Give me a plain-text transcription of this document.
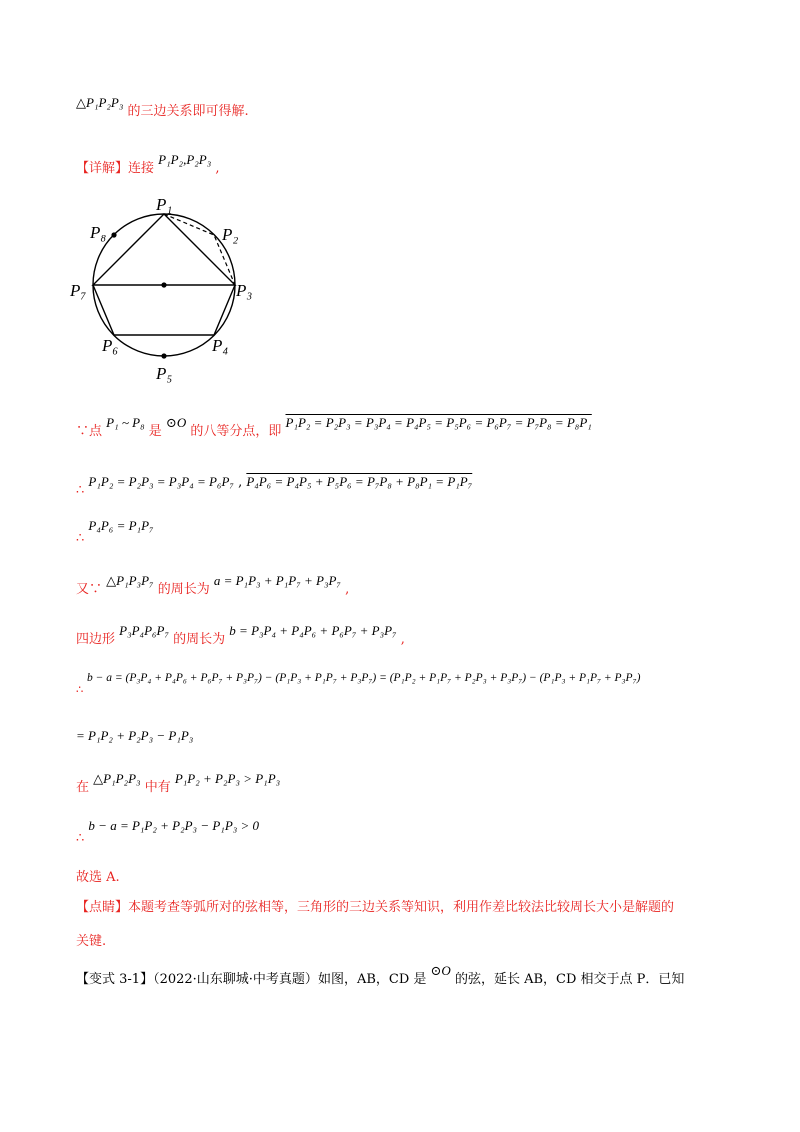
△P₁P₂P₃ 的三边关系即可得解.
【详解】连接 P₁P₂,P₂P₃ ,
P₁
P₂
P₃
P₄
P₅
P₆
P₇
P₈
∵点 P₁ ~ P₈ 是 ⊙O 的八等分点，即 P₁P₂ = P₂P₃ = P₃P₄ = P₄P₅ = P₅P₆ = P₆P₇ = P₇P₈ = P₈P₁
∴ P₁P₂ = P₂P₃ = P₃P₄ = P₆P₇ , P₄P₆ = P₄P₅ + P₅P₆ = P₇P₈ + P₈P₁ = P₁P₇
∴ P₄P₆ = P₁P₇
又∵ △P₁P₃P₇ 的周长为 a = P₁P₃ + P₁P₇ + P₃P₇ ,
四边形 P₃P₄P₆P₇ 的周长为 b = P₃P₄ + P₄P₆ + P₆P₇ + P₃P₇ ,
∴ b − a = (P₃P₄ + P₄P₆ + P₆P₇ + P₃P₇) − (P₁P₃ + P₁P₇ + P₃P₇) = (P₁P₂ + P₁P₇ + P₂P₃ + P₃P₇) − (P₁P₃ + P₁P₇ + P₃P₇)
= P₁P₂ + P₂P₃ − P₁P₃
在 △P₁P₂P₃ 中有 P₁P₂ + P₂P₃ > P₁P₃
∴ b − a = P₁P₂ + P₂P₃ − P₁P₃ > 0
故选 A.
【点睛】本题考查等弧所对的弦相等，三角形的三边关系等知识，利用作差比较法比较周长大小是解题的
关键.
【变式 3-1】（2022·山东聊城·中考真题）如图，AB，CD 是 ⊙O 的弦，延长 AB，CD 相交于点 P．已知
